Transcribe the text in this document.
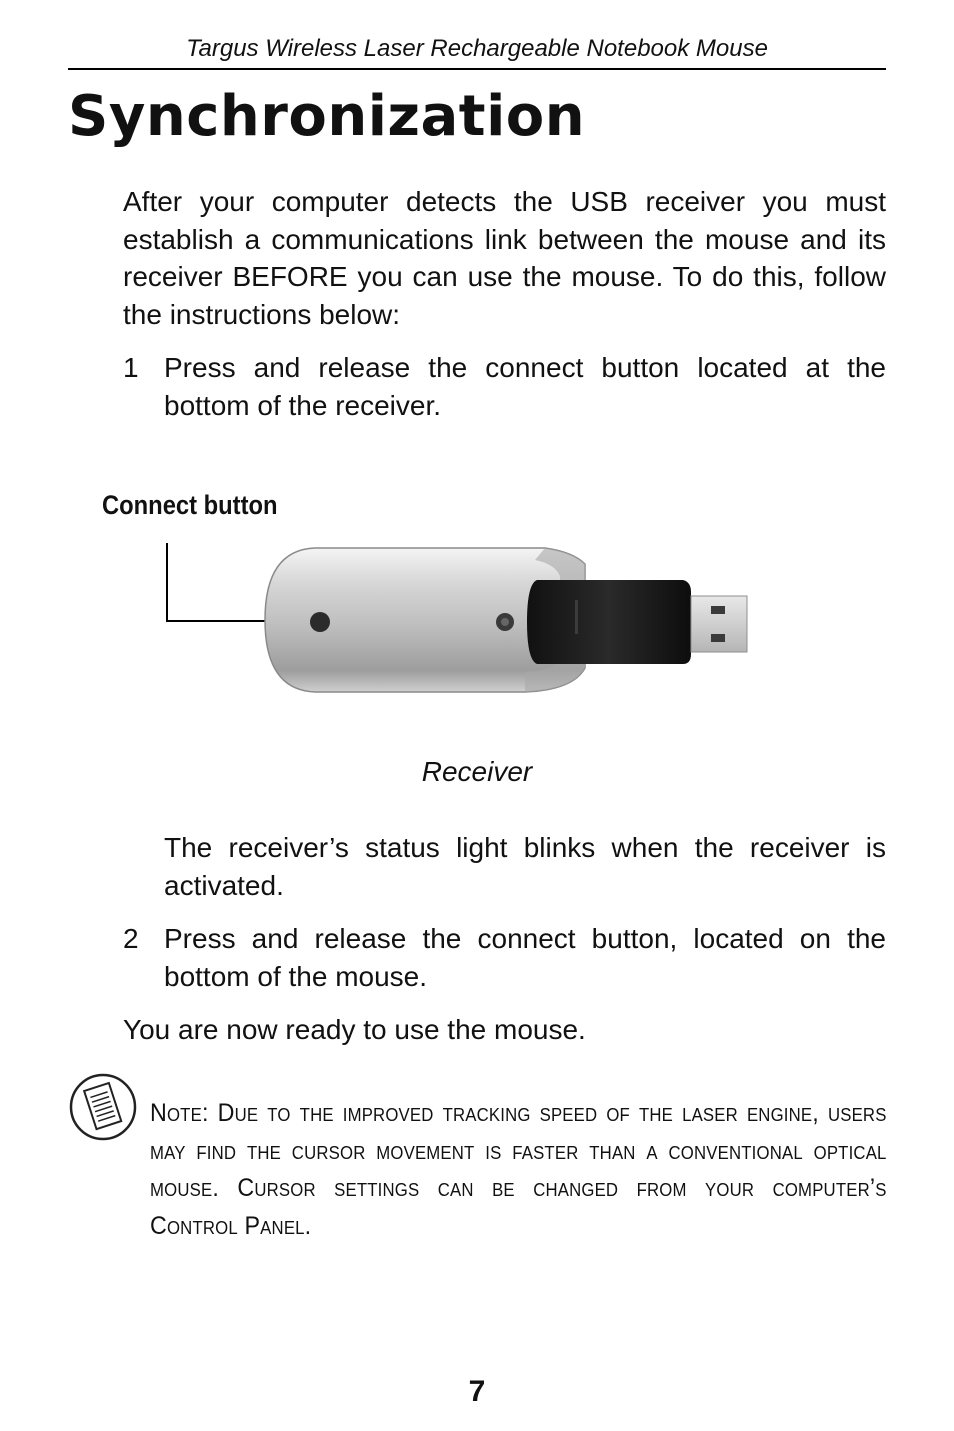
Targus Wireless Laser Rechargeable Notebook Mouse
Synchronization

After your computer detects the USB receiver you must establish a communications link between the mouse and its receiver BEFORE you can use the mouse. To do this, follow the instructions below:

1 Press and release the connect button located at the bottom of the receiver.
Connect button
Receiver

The receiver’s status light blinks when the receiver is activated.

2 Press and release the connect button, located on the bottom of the mouse.

You are now ready to use the mouse.

Note: Due to the improved tracking speed of the laser engine, users may find the cursor movement is faster than a conventional optical mouse. Cursor settings can be changed from your computer’s Control Panel.

7
